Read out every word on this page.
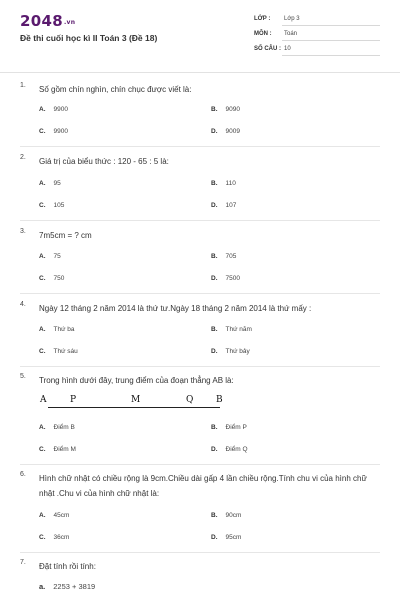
2048.vn
Đề thi cuối học kì II Toán 3 (Đề 18)
LỚP : Lớp 3
MÔN : Toán
SỐ CÂU : 10
1. Số gồm chín nghìn, chín chục được viết là:
A. 9900	B. 9090
C. 9900	D. 9009
2. Giá trị của biểu thức : 120 - 65 : 5 là:
A. 95	B. 110
C. 105	D. 107
3. 7m5cm = ? cm
A. 75	B. 705
C. 750	D. 7500
4. Ngày 12 tháng 2 năm 2014 là thứ tư.Ngày 18 tháng 2 năm 2014 là thứ mấy :
A. Thứ ba	B. Thứ năm
C. Thứ sáu	D. Thứ bảy
5. Trong hình dưới đây, trung điểm của đoạn thẳng AB là:
A	P	M	Q	B
A. Điểm B	B. Điểm P
C. Điểm M	D. Điểm Q
6. Hình chữ nhật có chiều rộng là 9cm.Chiều dài gấp 4 lần chiều rộng.Tính chu vi của hình chữ nhật .Chu vi của hình chữ nhật là:
A. 45cm	B. 90cm
C. 36cm	D. 95cm
7. Đặt tính rồi tính:
a. 2253 + 3819
